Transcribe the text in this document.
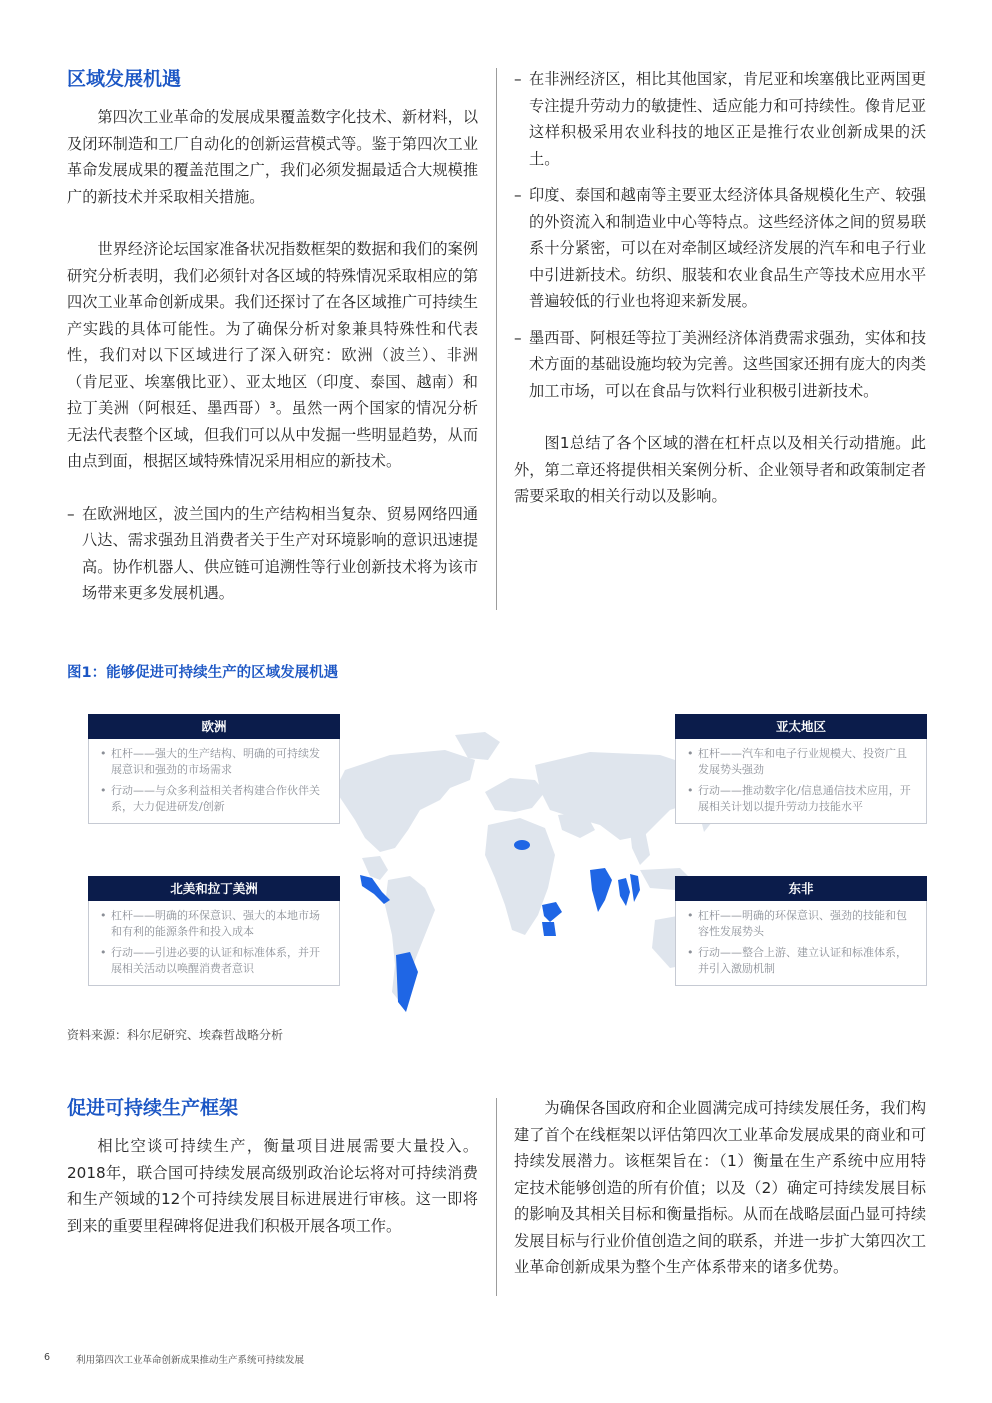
区域发展机遇

第四次工业革命的发展成果覆盖数字化技术、新材料，以及闭环制造和工厂自动化的创新运营模式等。鉴于第四次工业革命发展成果的覆盖范围之广，我们必须发掘最适合大规模推广的新技术并采取相关措施。

世界经济论坛国家准备状况指数框架的数据和我们的案例研究分析表明，我们必须针对各区域的特殊情况采取相应的第四次工业革命创新成果。我们还探讨了在各区域推广可持续生产实践的具体可能性。为了确保分析对象兼具特殊性和代表性，我们对以下区域进行了深入研究：欧洲（波兰）、非洲（肯尼亚、埃塞俄比亚）、亚太地区（印度、泰国、越南）和拉丁美洲（阿根廷、墨西哥）³。虽然一两个国家的情况分析无法代表整个区域，但我们可以从中发掘一些明显趋势，从而由点到面，根据区域特殊情况采用相应的新技术。

– 在欧洲地区，波兰国内的生产结构相当复杂、贸易网络四通八达、需求强劲且消费者关于生产对环境影响的意识迅速提高。协作机器人、供应链可追溯性等行业创新技术将为该市场带来更多发展机遇。
– 在非洲经济区，相比其他国家，肯尼亚和埃塞俄比亚两国更专注提升劳动力的敏捷性、适应能力和可持续性。像肯尼亚这样积极采用农业科技的地区正是推行农业创新成果的沃土。
– 印度、泰国和越南等主要亚太经济体具备规模化生产、较强的外资流入和制造业中心等特点。这些经济体之间的贸易联系十分紧密，可以在对牵制区域经济发展的汽车和电子行业中引进新技术。纺织、服装和农业食品生产等技术应用水平普遍较低的行业也将迎来新发展。
– 墨西哥、阿根廷等拉丁美洲经济体消费需求强劲，实体和技术方面的基础设施均较为完善。这些国家还拥有庞大的肉类加工市场，可以在食品与饮料行业积极引进新技术。

图1总结了各个区域的潜在杠杆点以及相关行动措施。此外，第二章还将提供相关案例分析、企业领导者和政策制定者需要采取的相关行动以及影响。

图1：能够促进可持续生产的区域发展机遇
欧洲
• 杠杆——强大的生产结构、明确的可持续发展意识和强劲的市场需求
• 行动——与众多利益相关者构建合作伙伴关系，大力促进研发/创新
亚太地区
• 杠杆——汽车和电子行业规模大、投资广且发展势头强劲
• 行动——推动数字化/信息通信技术应用，开展相关计划以提升劳动力技能水平
北美和拉丁美洲
• 杠杆——明确的环保意识、强大的本地市场和有利的能源条件和投入成本
• 行动——引进必要的认证和标准体系，并开展相关活动以唤醒消费者意识
东非
• 杠杆——明确的环保意识、强劲的技能和包容性发展势头
• 行动——整合上游、建立认证和标准体系，并引入激励机制
资料来源：科尔尼研究、埃森哲战略分析
促进可持续生产框架

相比空谈可持续生产，衡量项目进展需要大量投入。2018年，联合国可持续发展高级别政治论坛将对可持续消费和生产领域的12个可持续发展目标进展进行审核。这一即将到来的重要里程碑将促进我们积极开展各项工作。

为确保各国政府和企业圆满完成可持续发展任务，我们构建了首个在线框架以评估第四次工业革命发展成果的商业和可持续发展潜力。该框架旨在：（1）衡量在生产系统中应用特定技术能够创造的所有价值；以及（2）确定可持续发展目标的影响及其相关目标和衡量指标。从而在战略层面凸显可持续发展目标与行业价值创造之间的联系，并进一步扩大第四次工业革命创新成果为整个生产体系带来的诸多优势。

6	利用第四次工业革命创新成果推动生产系统可持续发展
